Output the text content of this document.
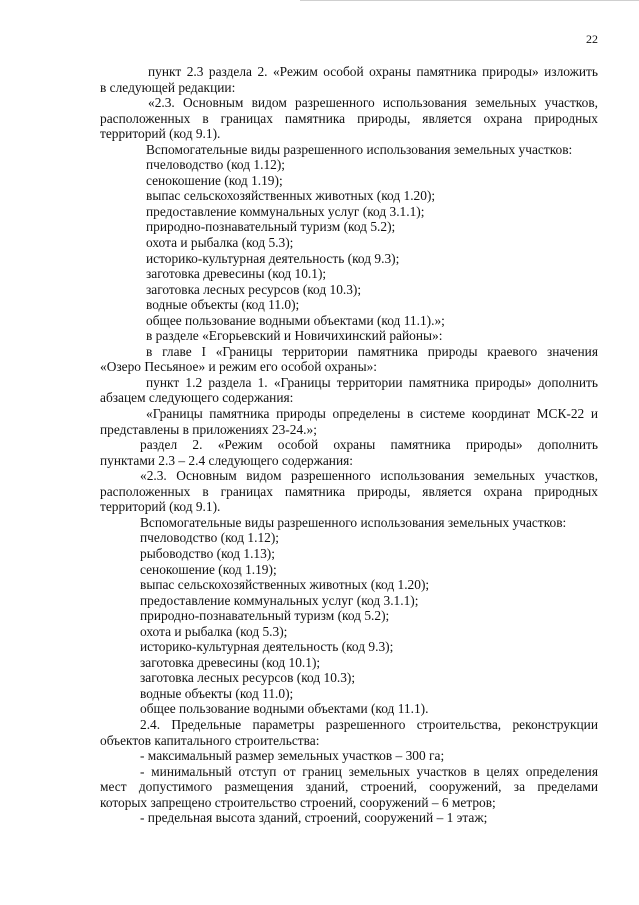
22
пункт 2.3 раздела 2. «Режим особой охраны памятника природы» изложить
в следующей редакции:
«2.3. Основным видом разрешенного использования земельных участков,
расположенных в границах памятника природы, является охрана природных
территорий (код 9.1).
Вспомогательные виды разрешенного использования земельных участков:
пчеловодство (код 1.12);
сенокошение (код 1.19);
выпас сельскохозяйственных животных (код 1.20);
предоставление коммунальных услуг (код 3.1.1);
природно-познавательный туризм (код 5.2);
охота и рыбалка (код 5.3);
историко-культурная деятельность (код 9.3);
заготовка древесины (код 10.1);
заготовка лесных ресурсов (код 10.3);
водные объекты (код 11.0);
общее пользование водными объектами (код 11.1).»;
в разделе «Егорьевский и Новичихинский районы»:
в главе I «Границы территории памятника природы краевого значения
«Озеро Песьяное» и режим его особой охраны»:
пункт 1.2 раздела 1. «Границы территории памятника природы» дополнить
абзацем следующего содержания:
«Границы памятника природы определены в системе координат МСК-22 и
представлены в приложениях 23-24.»;
раздел 2. «Режим особой охраны памятника природы» дополнить
пунктами 2.3 – 2.4 следующего содержания:
«2.3. Основным видом разрешенного использования земельных участков,
расположенных в границах памятника природы, является охрана природных
территорий (код 9.1).
Вспомогательные виды разрешенного использования земельных участков:
пчеловодство (код 1.12);
рыбоводство (код 1.13);
сенокошение (код 1.19);
выпас сельскохозяйственных животных (код 1.20);
предоставление коммунальных услуг (код 3.1.1);
природно-познавательный туризм (код 5.2);
охота и рыбалка (код 5.3);
историко-культурная деятельность (код 9.3);
заготовка древесины (код 10.1);
заготовка лесных ресурсов (код 10.3);
водные объекты (код 11.0);
общее пользование водными объектами (код 11.1).
2.4. Предельные параметры разрешенного строительства, реконструкции
объектов капитального строительства:
- максимальный размер земельных участков – 300 га;
- минимальный отступ от границ земельных участков в целях определения
мест допустимого размещения зданий, строений, сооружений, за пределами
которых запрещено строительство строений, сооружений – 6 метров;
- предельная высота зданий, строений, сооружений – 1 этаж;
